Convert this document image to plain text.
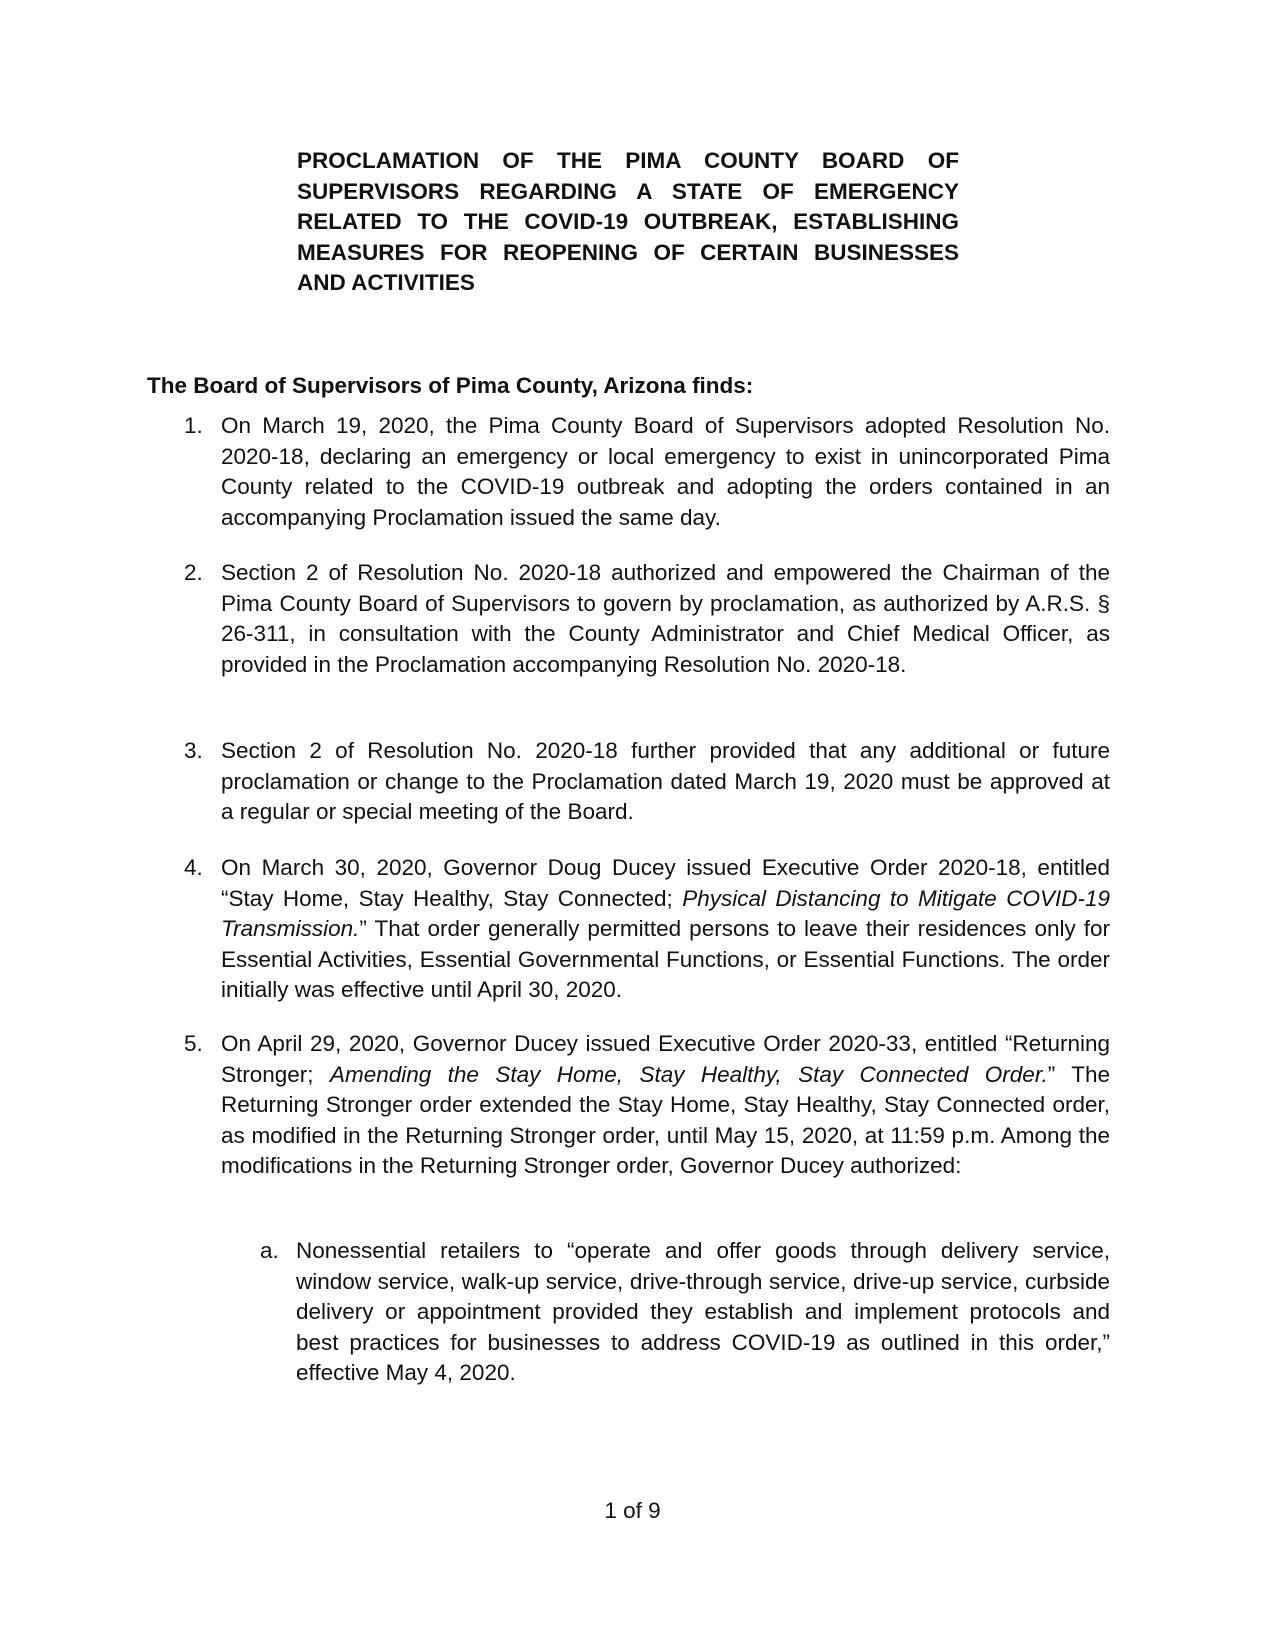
PROCLAMATION OF THE PIMA COUNTY BOARD OF SUPERVISORS REGARDING A STATE OF EMERGENCY RELATED TO THE COVID-19 OUTBREAK, ESTABLISHING MEASURES FOR REOPENING OF CERTAIN BUSINESSES AND ACTIVITIES
The Board of Supervisors of Pima County, Arizona finds:
1. On March 19, 2020, the Pima County Board of Supervisors adopted Resolution No. 2020-18, declaring an emergency or local emergency to exist in unincorporated Pima County related to the COVID-19 outbreak and adopting the orders contained in an accompanying Proclamation issued the same day.
2. Section 2 of Resolution No. 2020-18 authorized and empowered the Chairman of the Pima County Board of Supervisors to govern by proclamation, as authorized by A.R.S. § 26-311, in consultation with the County Administrator and Chief Medical Officer, as provided in the Proclamation accompanying Resolution No. 2020-18.
3. Section 2 of Resolution No. 2020-18 further provided that any additional or future proclamation or change to the Proclamation dated March 19, 2020 must be approved at a regular or special meeting of the Board.
4. On March 30, 2020, Governor Doug Ducey issued Executive Order 2020-18, entitled “Stay Home, Stay Healthy, Stay Connected; Physical Distancing to Mitigate COVID-19 Transmission.” That order generally permitted persons to leave their residences only for Essential Activities, Essential Governmental Functions, or Essential Functions. The order initially was effective until April 30, 2020.
5. On April 29, 2020, Governor Ducey issued Executive Order 2020-33, entitled “Returning Stronger; Amending the Stay Home, Stay Healthy, Stay Connected Order.” The Returning Stronger order extended the Stay Home, Stay Healthy, Stay Connected order, as modified in the Returning Stronger order, until May 15, 2020, at 11:59 p.m. Among the modifications in the Returning Stronger order, Governor Ducey authorized:
a. Nonessential retailers to “operate and offer goods through delivery service, window service, walk-up service, drive-through service, drive-up service, curbside delivery or appointment provided they establish and implement protocols and best practices for businesses to address COVID-19 as outlined in this order,” effective May 4, 2020.
1 of 9
